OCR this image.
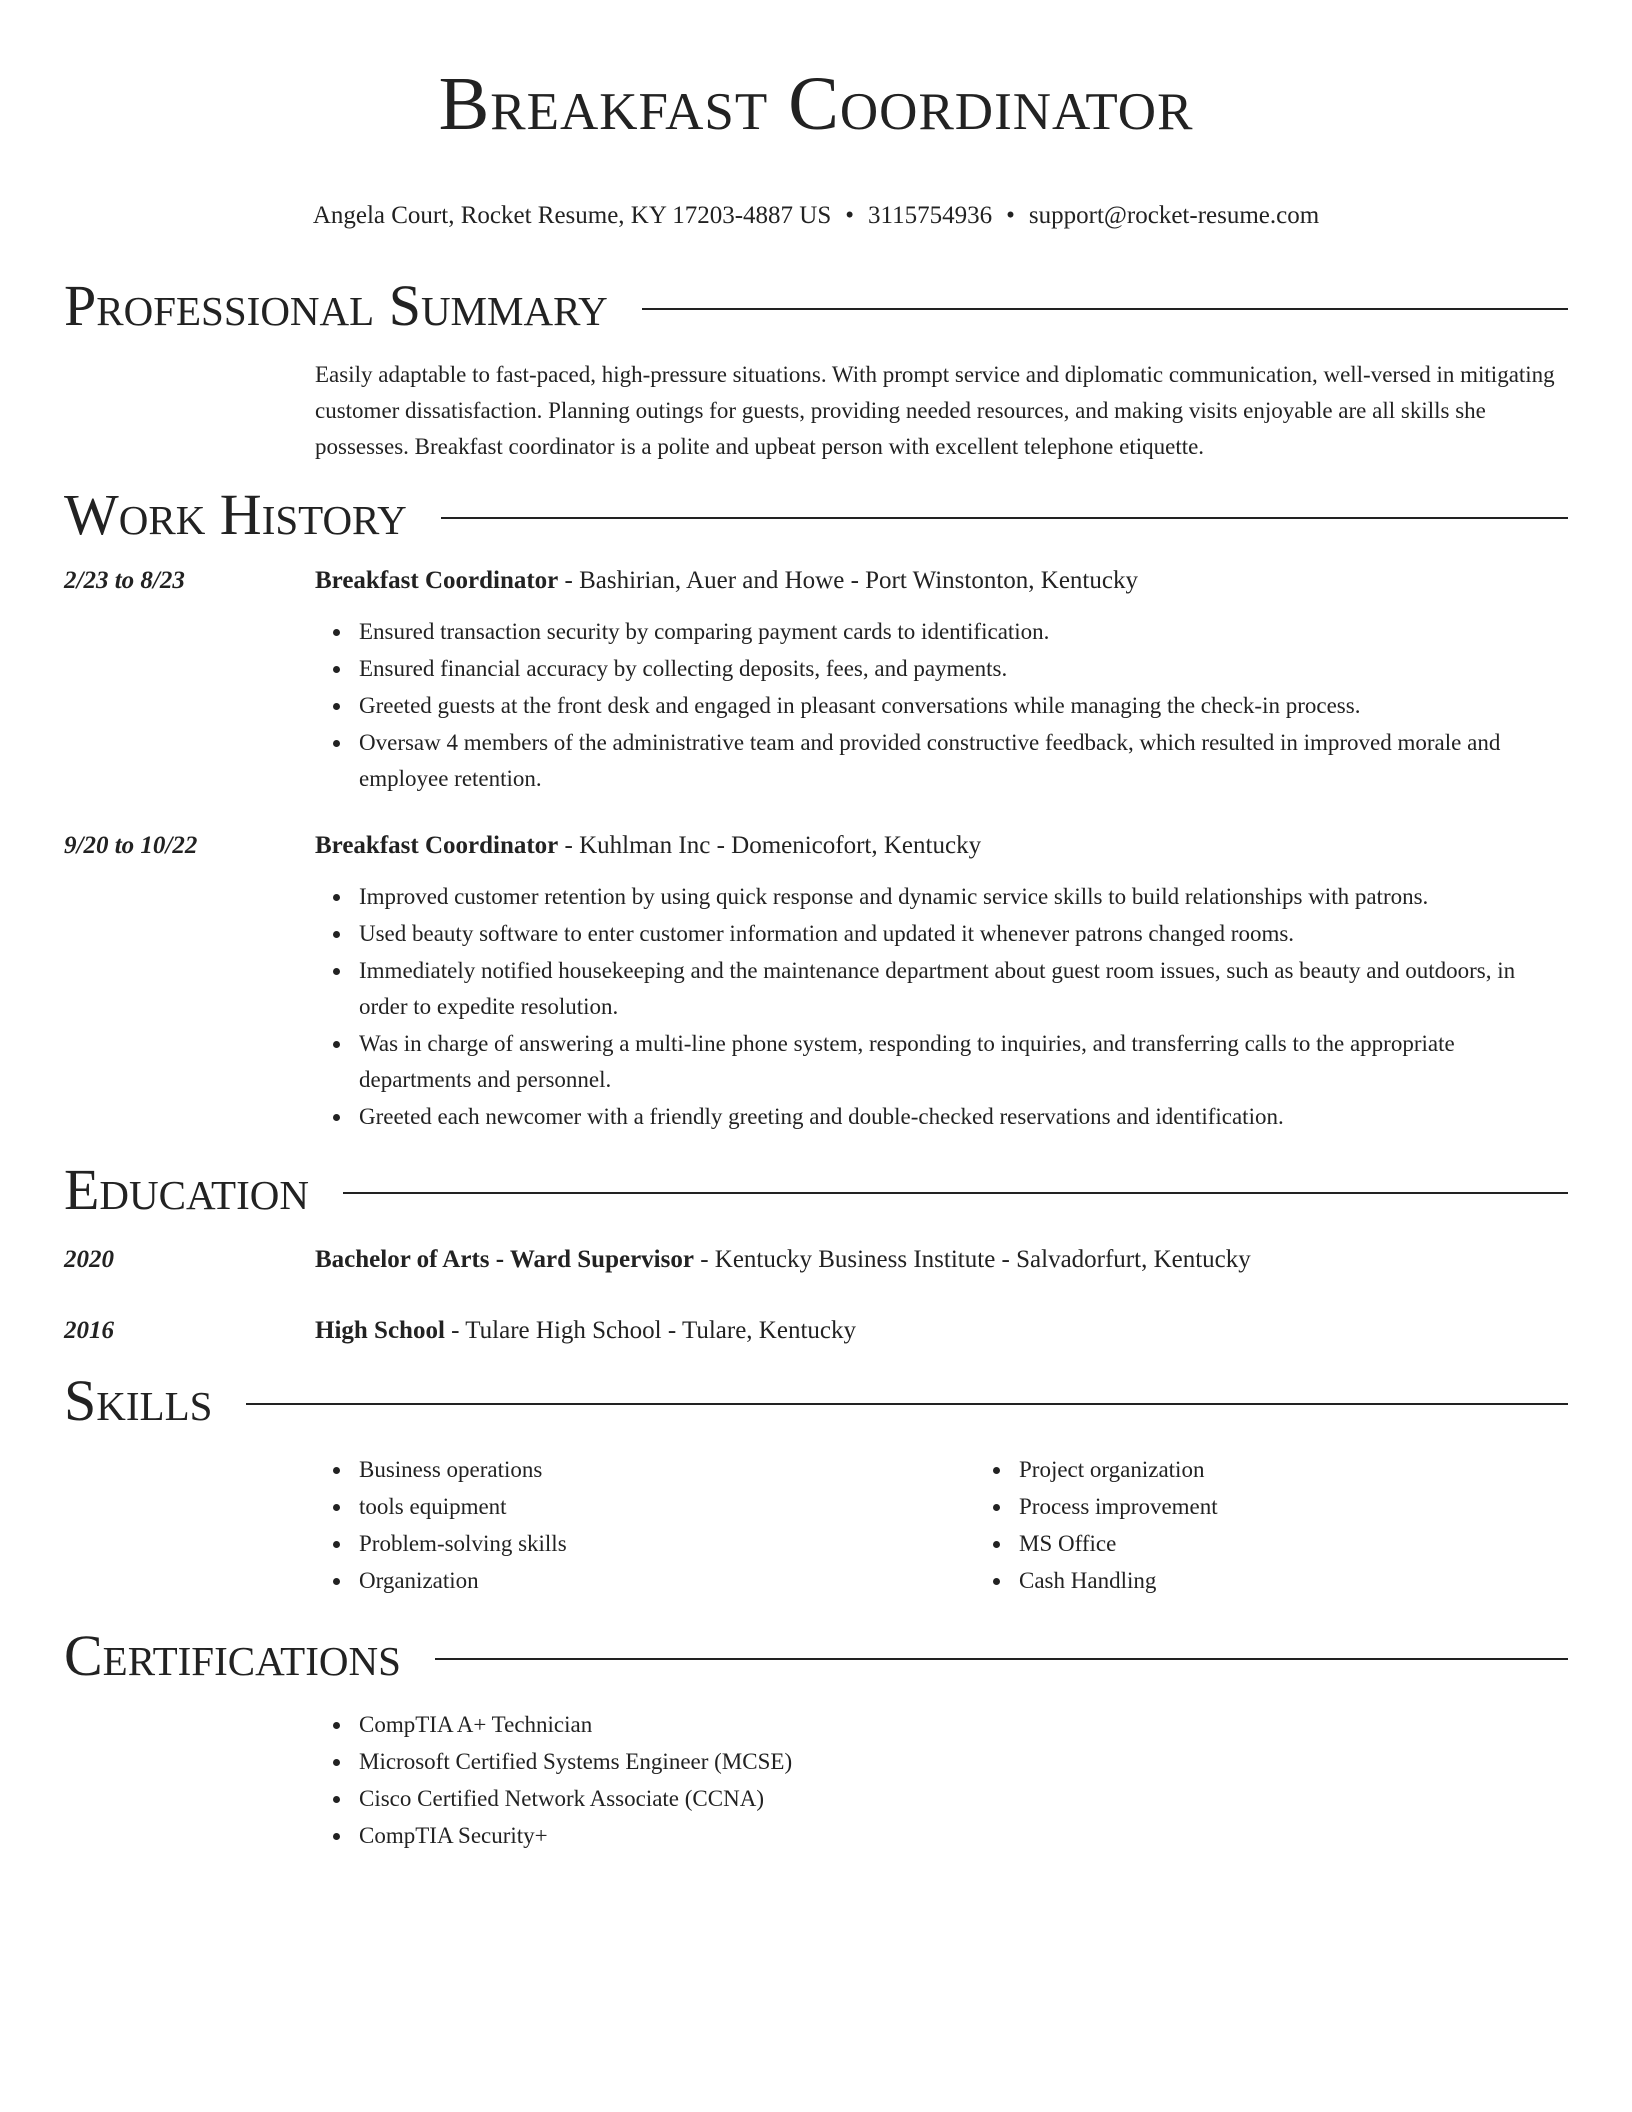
Breakfast Coordinator
Angela Court, Rocket Resume, KY 17203-4887 US • 3115754936 • support@rocket-resume.com
Professional Summary

Easily adaptable to fast-paced, high-pressure situations. With prompt service and diplomatic communication, well-versed in mitigating customer dissatisfaction. Planning outings for guests, providing needed resources, and making visits enjoyable are all skills she possesses. Breakfast coordinator is a polite and upbeat person with excellent telephone etiquette.

Work History
2/23 to 8/23	Breakfast Coordinator - Bashirian, Auer and Howe - Port Winstonton, Kentucky
Ensured transaction security by comparing payment cards to identification.
Ensured financial accuracy by collecting deposits, fees, and payments.
Greeted guests at the front desk and engaged in pleasant conversations while managing the check-in process.
Oversaw 4 members of the administrative team and provided constructive feedback, which resulted in improved morale and employee retention.
9/20 to 10/22	Breakfast Coordinator - Kuhlman Inc - Domenicofort, Kentucky
Improved customer retention by using quick response and dynamic service skills to build relationships with patrons.
Used beauty software to enter customer information and updated it whenever patrons changed rooms.
Immediately notified housekeeping and the maintenance department about guest room issues, such as beauty and outdoors, in order to expedite resolution.
Was in charge of answering a multi-line phone system, responding to inquiries, and transferring calls to the appropriate departments and personnel.
Greeted each newcomer with a friendly greeting and double-checked reservations and identification.
Education
2020	Bachelor of Arts - Ward Supervisor - Kentucky Business Institute - Salvadorfurt, Kentucky
2016	High School - Tulare High School - Tulare, Kentucky
Skills
Business operations
tools equipment
Problem-solving skills
Organization
Project organization
Process improvement
MS Office
Cash Handling
Certifications
CompTIA A+ Technician
Microsoft Certified Systems Engineer (MCSE)
Cisco Certified Network Associate (CCNA)
CompTIA Security+
